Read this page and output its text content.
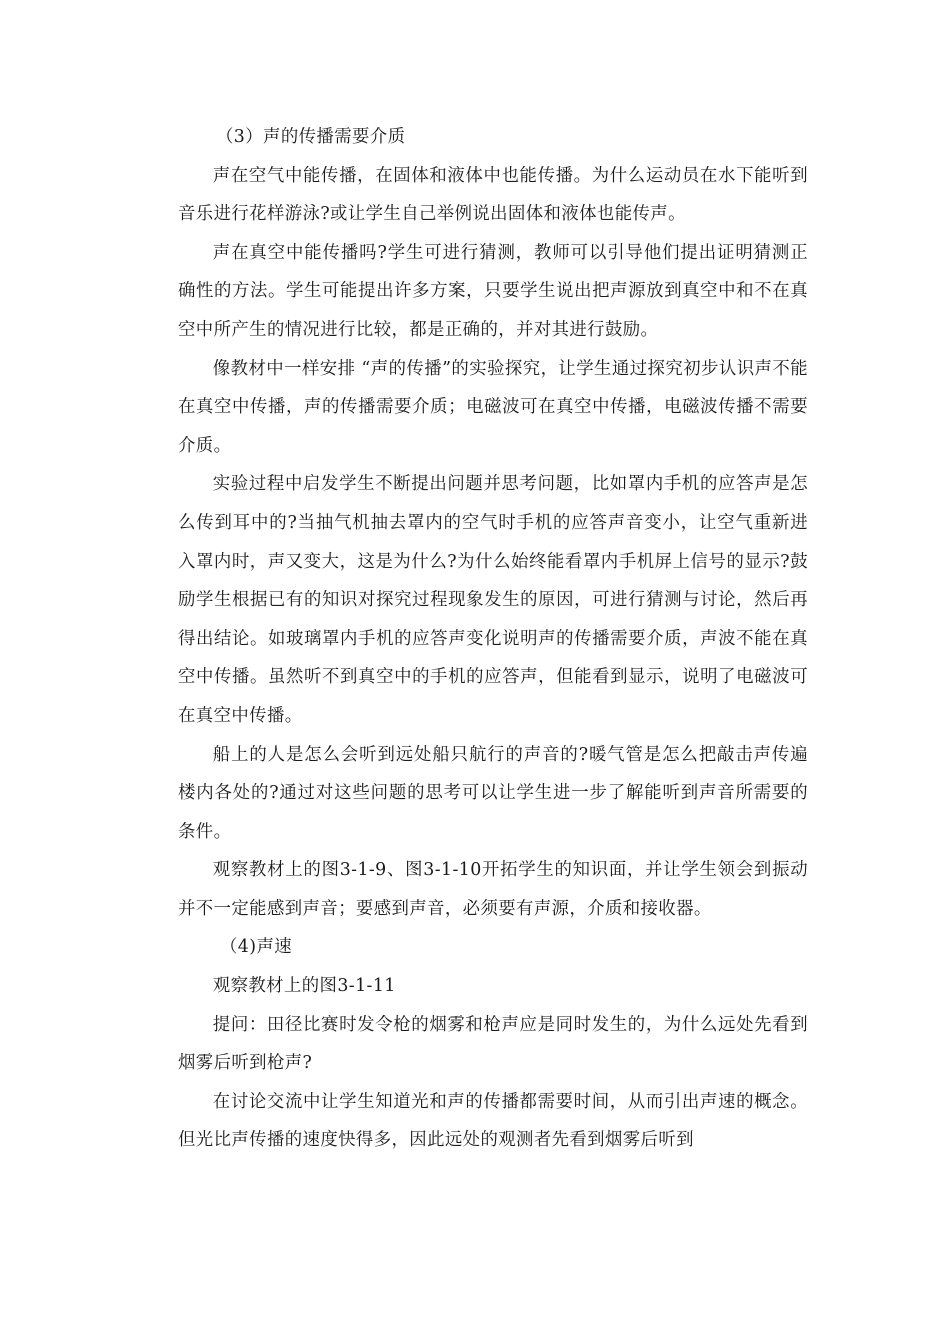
（3）声的传播需要介质

声在空气中能传播，在固体和液体中也能传播。为什么运动员在水下能听到音乐进行花样游泳?或让学生自己举例说出固体和液体也能传声。

声在真空中能传播吗?学生可进行猜测，教师可以引导他们提出证明猜测正确性的方法。学生可能提出许多方案，只要学生说出把声源放到真空中和不在真空中所产生的情况进行比较，都是正确的，并对其进行鼓励。

像教材中一样安排 “声的传播”的实验探究，让学生通过探究初步认识声不能在真空中传播，声的传播需要介质；电磁波可在真空中传播，电磁波传播不需要介质。

实验过程中启发学生不断提出问题并思考问题，比如罩内手机的应答声是怎么传到耳中的?当抽气机抽去罩内的空气时手机的应答声音变小，让空气重新进入罩内时，声又变大，这是为什么?为什么始终能看罩内手机屏上信号的显示?鼓励学生根据已有的知识对探究过程现象发生的原因，可进行猜测与讨论，然后再得出结论。如玻璃罩内手机的应答声变化说明声的传播需要介质，声波不能在真空中传播。虽然听不到真空中的手机的应答声，但能看到显示，说明了电磁波可在真空中传播。

船上的人是怎么会听到远处船只航行的声音的?暖气管是怎么把敲击声传遍楼内各处的?通过对这些问题的思考可以让学生进一步了解能听到声音所需要的条件。

观察教材上的图3-1-9、图3-1-10开拓学生的知识面，并让学生领会到振动并不一定能感到声音；要感到声音，必须要有声源，介质和接收器。

（4)声速

观察教材上的图3-1-11

提问：田径比赛时发令枪的烟雾和枪声应是同时发生的，为什么远处先看到烟雾后听到枪声?

在讨论交流中让学生知道光和声的传播都需要时间，从而引出声速的概念。但光比声传播的速度快得多，因此远处的观测者先看到烟雾后听到
